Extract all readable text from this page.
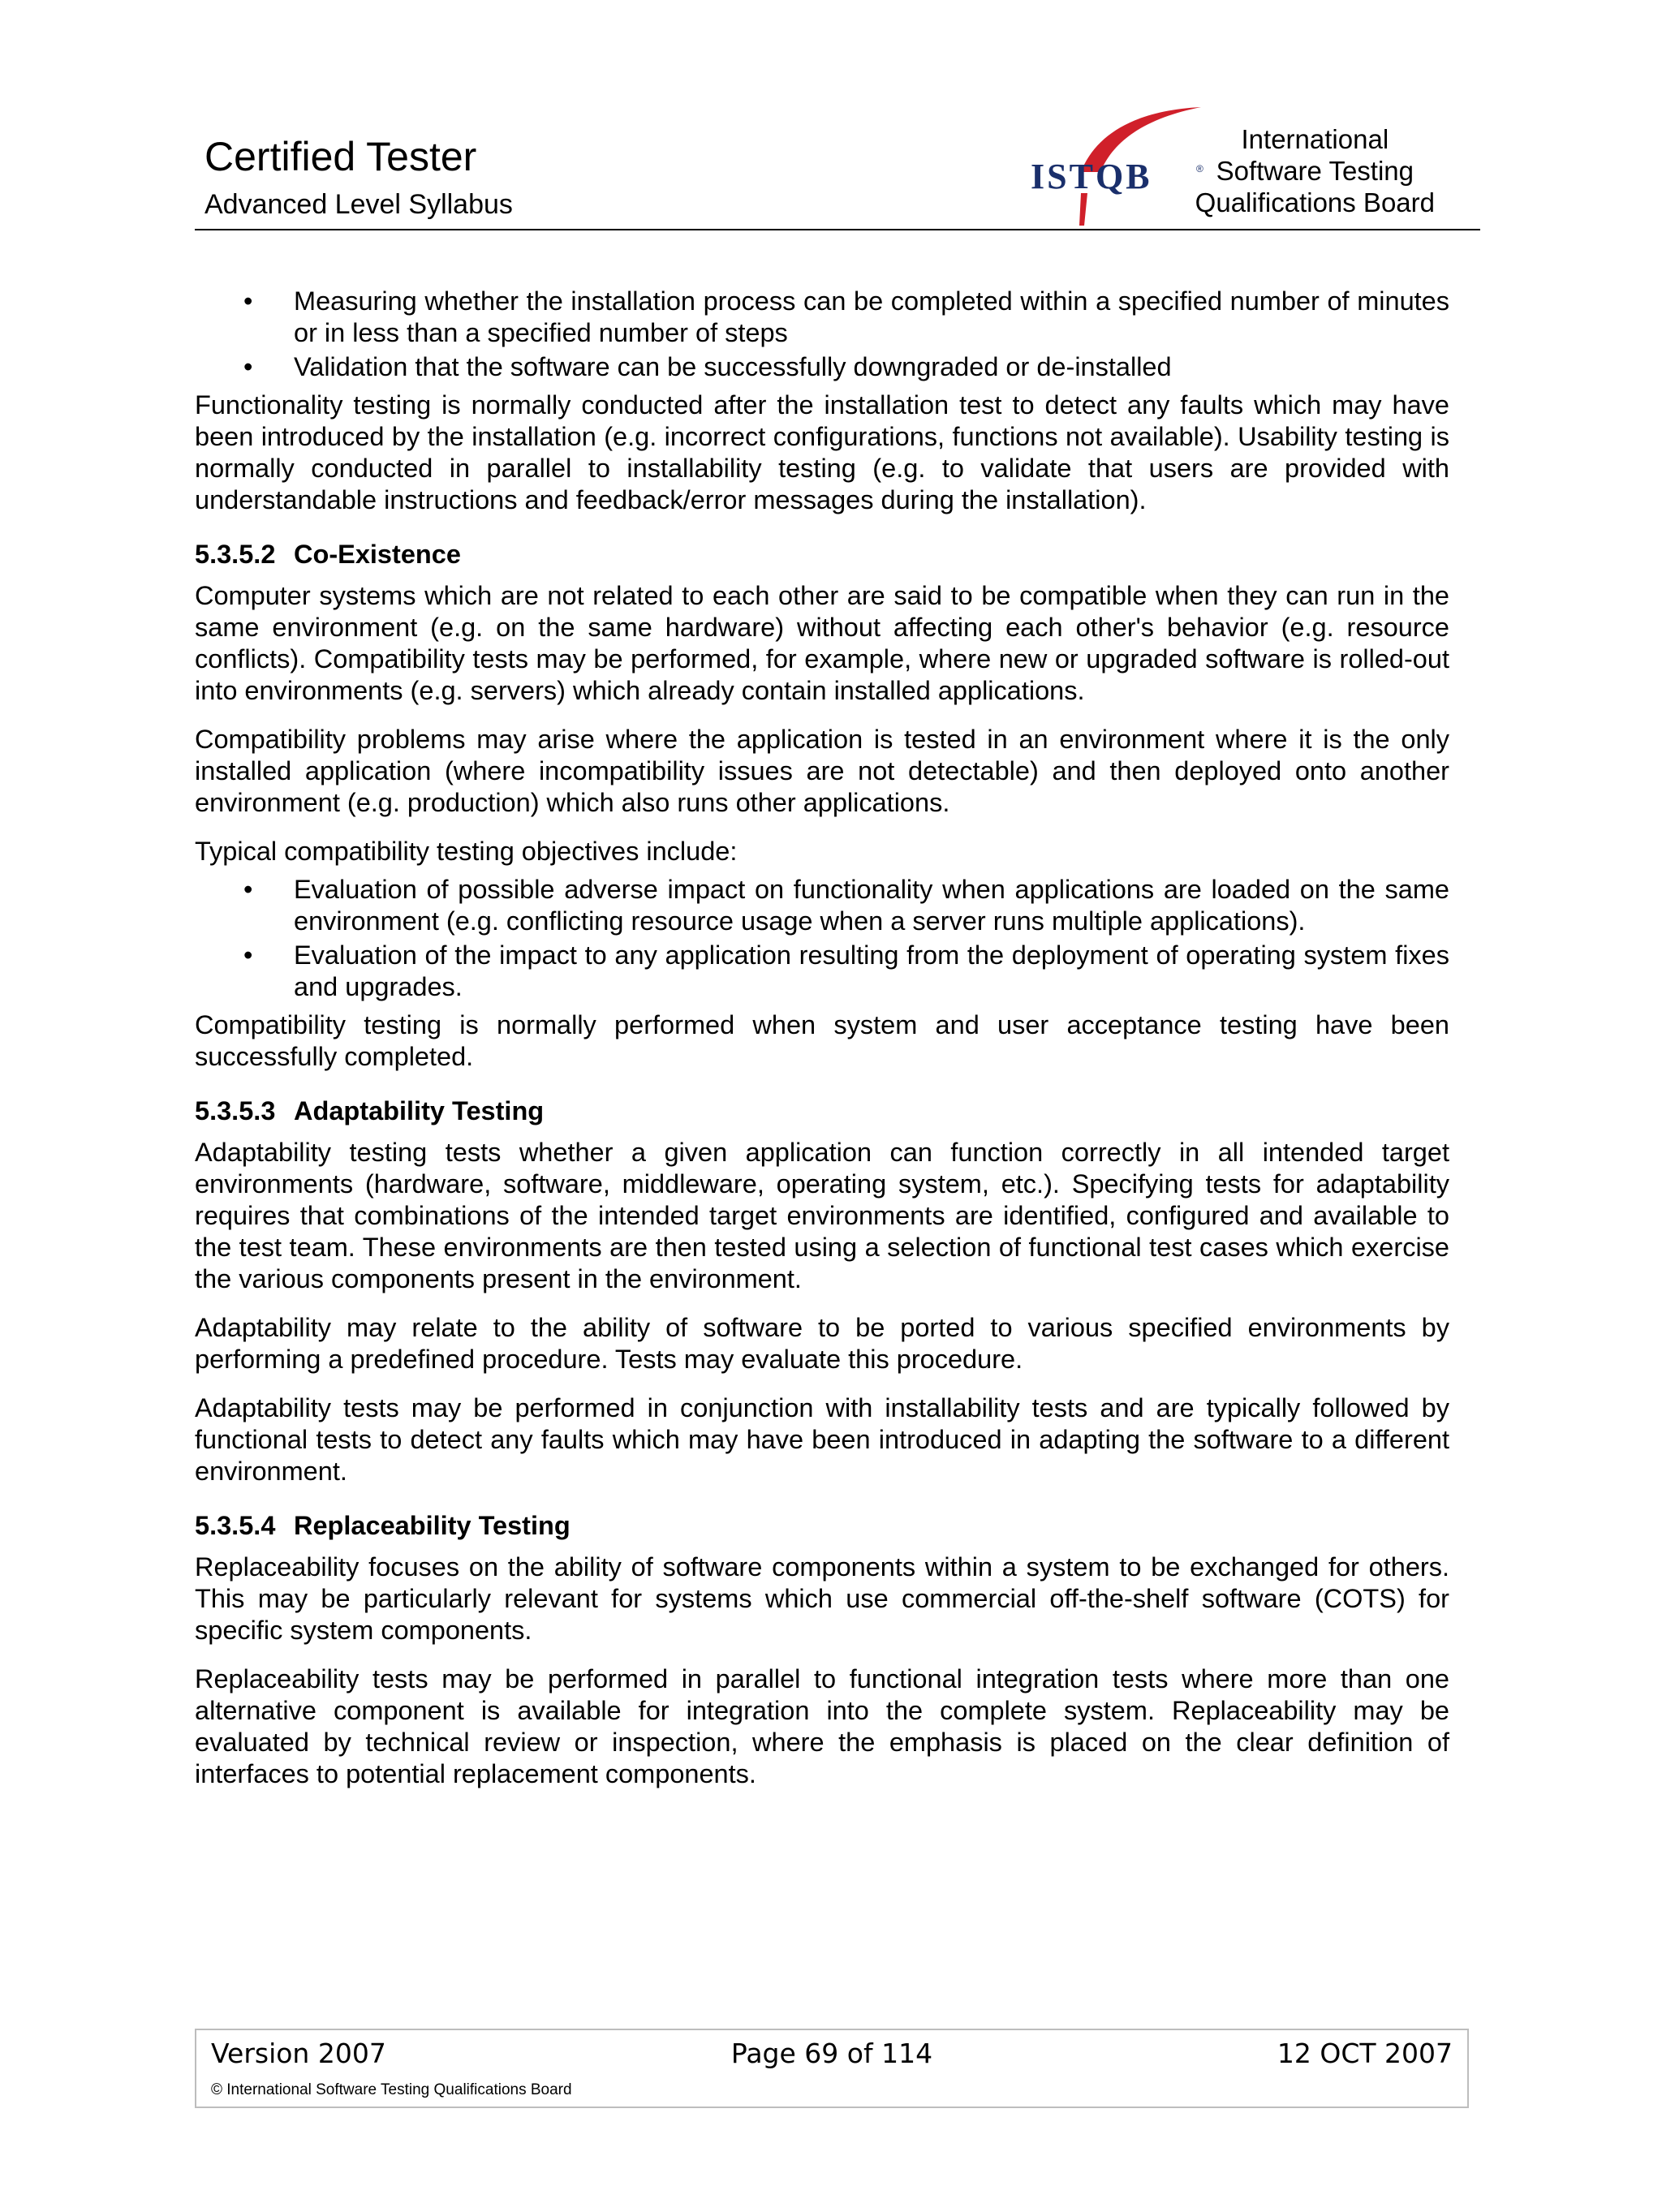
Certified Tester
Advanced Level Syllabus
ISTQB	®
International
Software Testing
Qualifications Board
• Measuring whether the installation process can be completed within a specified number of minutes or in less than a specified number of steps
• Validation that the software can be successfully downgraded or de-installed

Functionality testing is normally conducted after the installation test to detect any faults which may have been introduced by the installation (e.g. incorrect configurations, functions not available). Usability testing is normally conducted in parallel to installability testing (e.g. to validate that users are provided with understandable instructions and feedback/error messages during the installation).

5.3.5.2 Co-Existence

Computer systems which are not related to each other are said to be compatible when they can run in the same environment (e.g. on the same hardware) without affecting each other's behavior (e.g. resource conflicts). Compatibility tests may be performed, for example, where new or upgraded software is rolled-out into environments (e.g. servers) which already contain installed applications.

Compatibility problems may arise where the application is tested in an environment where it is the only installed application (where incompatibility issues are not detectable) and then deployed onto another environment (e.g. production) which also runs other applications.

Typical compatibility testing objectives include:

• Evaluation of possible adverse impact on functionality when applications are loaded on the same environment (e.g. conflicting resource usage when a server runs multiple applications).
• Evaluation of the impact to any application resulting from the deployment of operating system fixes and upgrades.

Compatibility testing is normally performed when system and user acceptance testing have been successfully completed.

5.3.5.3 Adaptability Testing

Adaptability testing tests whether a given application can function correctly in all intended target environments (hardware, software, middleware, operating system, etc.). Specifying tests for adaptability requires that combinations of the intended target environments are identified, configured and available to the test team. These environments are then tested using a selection of functional test cases which exercise the various components present in the environment.

Adaptability may relate to the ability of software to be ported to various specified environments by performing a predefined procedure. Tests may evaluate this procedure.

Adaptability tests may be performed in conjunction with installability tests and are typically followed by functional tests to detect any faults which may have been introduced in adapting the software to a different environment.

5.3.5.4 Replaceability Testing

Replaceability focuses on the ability of software components within a system to be exchanged for others. This may be particularly relevant for systems which use commercial off-the-shelf software (COTS) for specific system components.

Replaceability tests may be performed in parallel to functional integration tests where more than one alternative component is available for integration into the complete system. Replaceability may be evaluated by technical review or inspection, where the emphasis is placed on the clear definition of interfaces to potential replacement components.

Version 2007	Page 69 of 114	12 OCT 2007
© International Software Testing Qualifications Board
